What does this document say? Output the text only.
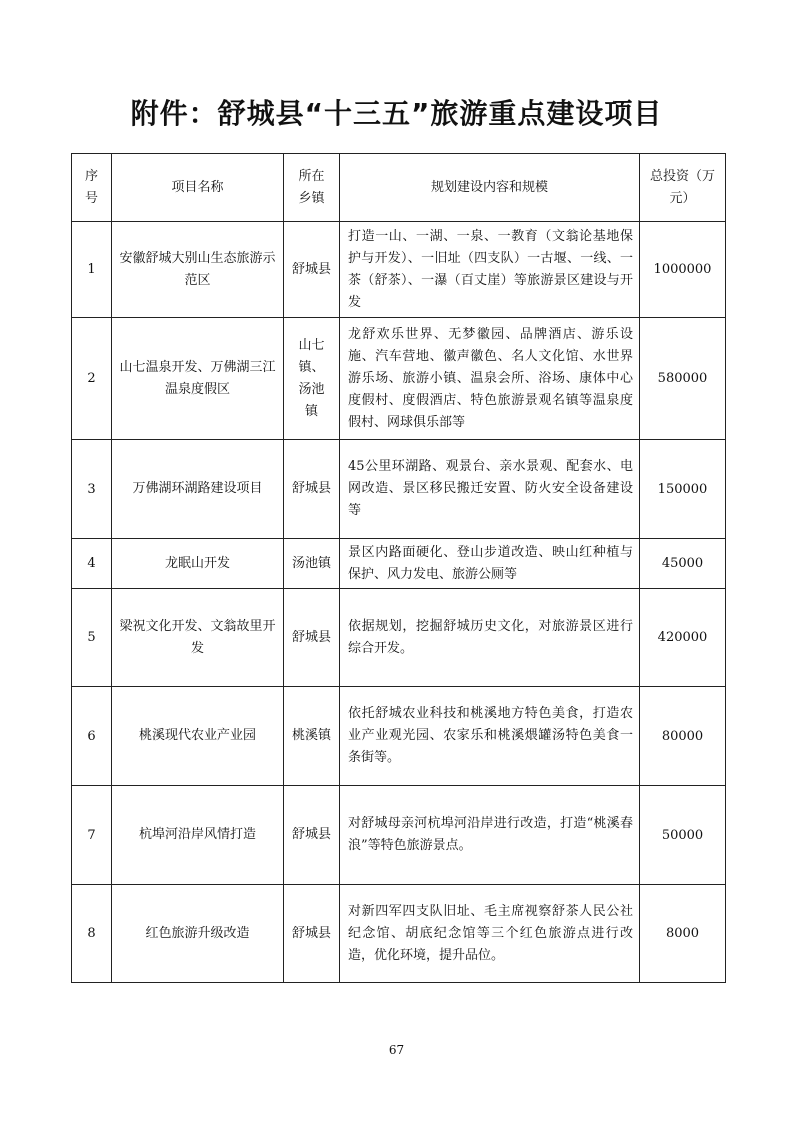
附件：舒城县“十三五”旅游重点建设项目
序号	项目名称	所在乡镇	规划建设内容和规模	总投资（万元）
1	安徽舒城大别山生态旅游示范区	舒城县	打造一山、一湖、一泉、一教育（文翁论基地保护与开发）、一旧址（四支队）一古堰、一线、一茶（舒茶）、一瀑（百丈崖）等旅游景区建设与开发	1000000
2	山七温泉开发、万佛湖三江温泉度假区	山七镇、汤池镇	龙舒欢乐世界、无梦徽园、品牌酒店、游乐设施、汽车营地、徽声徽色、名人文化馆、水世界游乐场、旅游小镇、温泉会所、浴场、康体中心度假村、度假酒店、特色旅游景观名镇等温泉度假村、网球俱乐部等	580000
3	万佛湖环湖路建设项目	舒城县	45公里环湖路、观景台、亲水景观、配套水、电网改造、景区移民搬迁安置、防火安全设备建设等	150000
4	龙眠山开发	汤池镇	景区内路面硬化、登山步道改造、映山红种植与保护、风力发电、旅游公厕等	45000
5	梁祝文化开发、文翁故里开发	舒城县	依据规划，挖掘舒城历史文化，对旅游景区进行综合开发。	420000
6	桃溪现代农业产业园	桃溪镇	依托舒城农业科技和桃溪地方特色美食，打造农业产业观光园、农家乐和桃溪煨罐汤特色美食一条街等。	80000
7	杭埠河沿岸风情打造	舒城县	对舒城母亲河杭埠河沿岸进行改造，打造“桃溪春浪”等特色旅游景点。	50000
8	红色旅游升级改造	舒城县	对新四军四支队旧址、毛主席视察舒茶人民公社纪念馆、胡底纪念馆等三个红色旅游点进行改造，优化环境，提升品位。	8000
67
